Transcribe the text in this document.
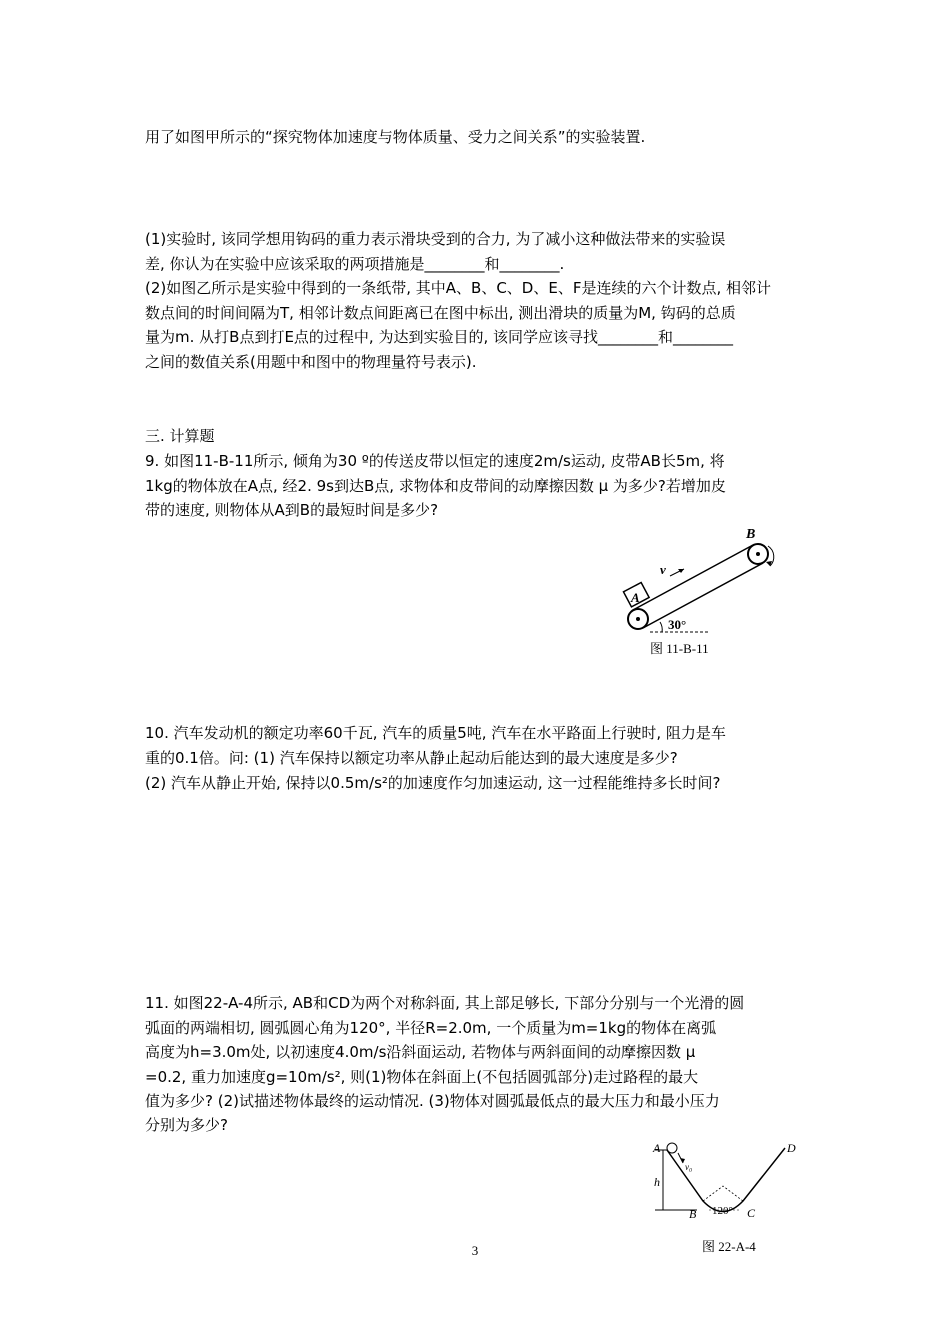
用了如图甲所示的“探究物体加速度与物体质量、受力之间关系”的实验装置.
(1)实验时, 该同学想用钩码的重力表示滑块受到的合力, 为了减小这种做法带来的实验误
差, 你认为在实验中应该采取的两项措施是________和________.
(2)如图乙所示是实验中得到的一条纸带, 其中A、B、C、D、E、F是连续的六个计数点, 相邻计
数点间的时间间隔为T, 相邻计数点间距离已在图中标出, 测出滑块的质量为M, 钩码的总质
量为m. 从打B点到打E点的过程中, 为达到实验目的, 该同学应该寻找________和________
之间的数值关系(用题中和图中的物理量符号表示).
三. 计算题
9. 如图11-B-11所示, 倾角为30 º的传送皮带以恒定的速度2m/s运动, 皮带AB长5m, 将
1kg的物体放在A点, 经2. 9s到达B点, 求物体和皮带间的动摩擦因数 μ 为多少?若增加皮
带的速度, 则物体从A到B的最短时间是多少?
A
B
v
30°
图 11-B-11
10. 汽车发动机的额定功率60千瓦, 汽车的质量5吨, 汽车在水平路面上行驶时, 阻力是车
重的0.1倍。问: (1) 汽车保持以额定功率从静止起动后能达到的最大速度是多少?
(2) 汽车从静止开始, 保持以0.5m/s²的加速度作匀加速运动, 这一过程能维持多长时间?
11. 如图22-A-4所示, AB和CD为两个对称斜面, 其上部足够长, 下部分分别与一个光滑的圆
弧面的两端相切, 圆弧圆心角为120°, 半径R=2.0m, 一个质量为m=1kg的物体在离弧
高度为h=3.0m处, 以初速度4.0m/s沿斜面运动, 若物体与两斜面间的动摩擦因数 μ
=0.2, 重力加速度g=10m/s², 则(1)物体在斜面上(不包括圆弧部分)走过路程的最大
值为多少? (2)试描述物体最终的运动情况. (3)物体对圆弧最低点的最大压力和最小压力
分别为多少?
A
v₀
h
B	C
D
120°
图 22-A-4
3
